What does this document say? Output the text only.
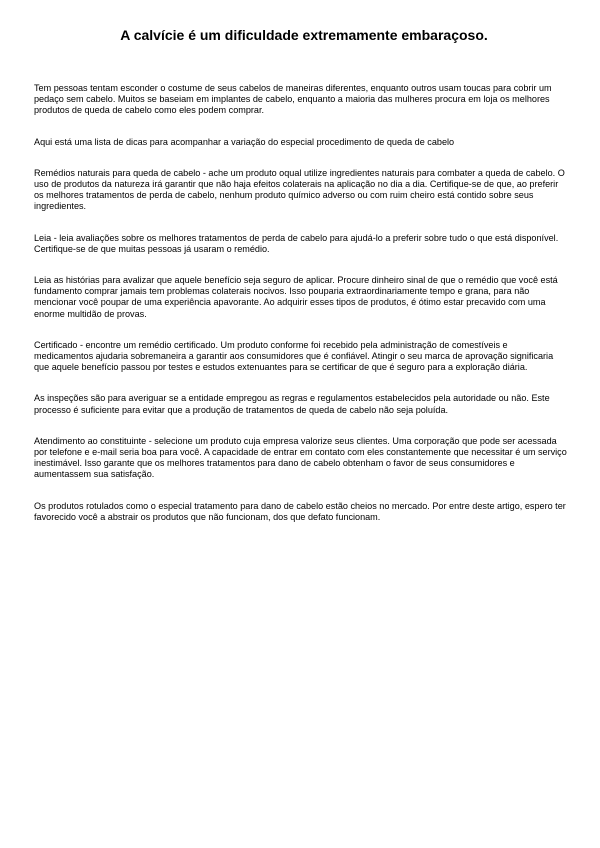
A calvície é um dificuldade extremamente embaraçoso.

Tem pessoas tentam esconder o costume de seus cabelos de maneiras diferentes, enquanto outros usam toucas para cobrir um pedaço sem cabelo. Muitos se baseiam em implantes de cabelo, enquanto a maioria das mulheres procura em loja os melhores produtos de queda de cabelo como eles podem comprar.

Aqui está uma lista de dicas para acompanhar a variação do especial procedimento de queda de cabelo

Remédios naturais para queda de cabelo - ache um produto oqual utilize ingredientes naturais para combater a queda de cabelo. O uso de produtos da natureza irá garantir que não haja efeitos colaterais na aplicação no dia a dia. Certifique-se de que, ao preferir os melhores tratamentos de perda de cabelo, nenhum produto químico adverso ou com ruim cheiro está contido sobre seus ingredientes.

Leia - leia avaliações sobre os melhores tratamentos de perda de cabelo para ajudá-lo a preferir sobre tudo o que está disponível. Certifique-se de que muitas pessoas já usaram o remédio.

Leia as histórias para avalizar que aquele benefício seja seguro de aplicar. Procure dinheiro sinal de que o remédio que você está fundamento comprar jamais tem problemas colaterais nocivos. Isso pouparia extraordinariamente tempo e grana, para não mencionar você poupar de uma experiência apavorante. Ao adquirir esses tipos de produtos, é ótimo estar precavido com uma enorme multidão de provas.

Certificado - encontre um remédio certificado. Um produto conforme foi recebido pela administração de comestíveis e medicamentos ajudaria sobremaneira a garantir aos consumidores que é confiável. Atingir o seu marca de aprovação significaria que aquele benefício passou por testes e estudos extenuantes para se certificar de que é seguro para a exploração diária.

As inspeções são para averiguar se a entidade empregou as regras e regulamentos estabelecidos pela autoridade ou não. Este processo é suficiente para evitar que a produção de tratamentos de queda de cabelo não seja poluída.

Atendimento ao constituinte - selecione um produto cuja empresa valorize seus clientes. Uma corporação que pode ser acessada por telefone e e-mail seria boa para você. A capacidade de entrar em contato com eles constantemente que necessitar é um serviço inestimável. Isso garante que os melhores tratamentos para dano de cabelo obtenham o favor de seus consumidores e aumentassem sua satisfação.

Os produtos rotulados como o especial tratamento para dano de cabelo estão cheios no mercado. Por entre deste artigo, espero ter favorecido você a abstrair os produtos que não funcionam, dos que defato funcionam.
